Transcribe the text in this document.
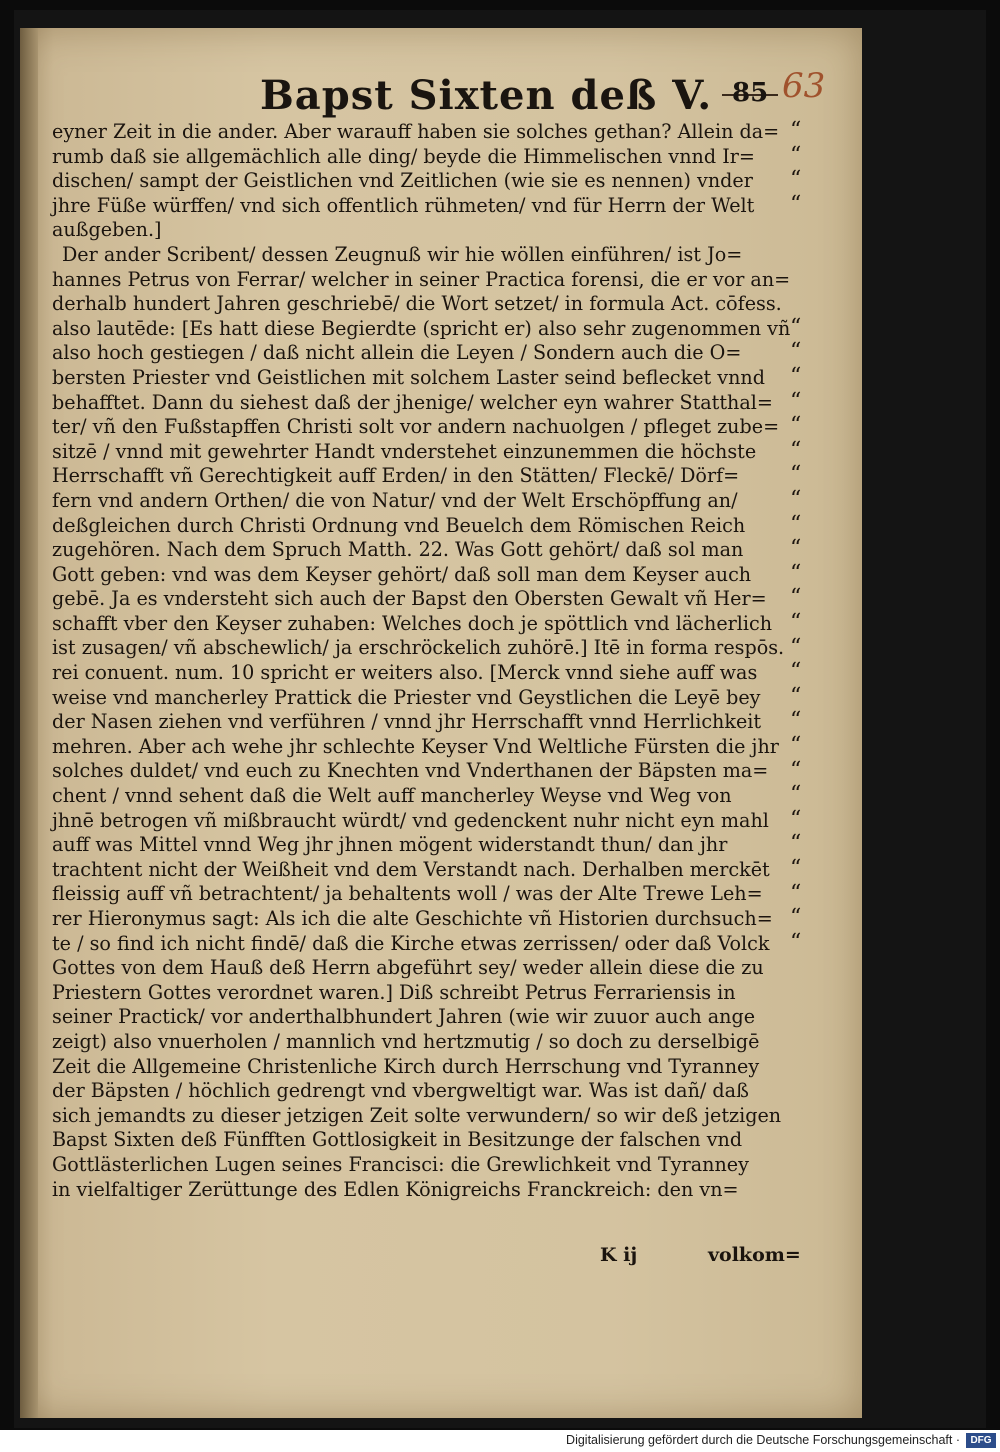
Bapst Sixten deß V. 85 63
eyner Zeit in die ander. Aber warauff haben sie solches gethan? Allein da=
rumb daß sie allgemächlich alle ding/ beyde die Himmelischen vnnd Ir=
dischen/ sampt der Geistlichen vnd Zeitlichen (wie sie es nennen) vnder
jhre Füße würffen/ vnd sich offentlich rühmeten/ vnd für Herrn der Welt
außgeben.]
Der ander Scribent/ dessen Zeugnuß wir hie wöllen einführen/ ist Jo=
hannes Petrus von Ferrar/ welcher in seiner Practica forensi, die er vor an=
derhalb hundert Jahren geschriebē/ die Wort setzet/ in formula Act. cōfess.
also lautēde: [Es hatt diese Begierdte (spricht er) also sehr zugenommen vñ
also hoch gestiegen / daß nicht allein die Leyen / Sondern auch die O=
bersten Priester vnd Geistlichen mit solchem Laster seind beflecket vnnd
behafftet. Dann du siehest daß der jhenige/ welcher eyn wahrer Statthal=
ter/ vñ den Fußstapffen Christi solt vor andern nachuolgen / pfleget zube=
sitzē / vnnd mit gewehrter Handt vnderstehet einzunemmen die höchste
Herrschafft vñ Gerechtigkeit auff Erden/ in den Stätten/ Fleckē/ Dörf=
fern vnd andern Orthen/ die von Natur/ vnd der Welt Erschöpffung an/
deßgleichen durch Christi Ordnung vnd Beuelch dem Römischen Reich
zugehören. Nach dem Spruch Matth. 22. Was Gott gehört/ daß sol man
Gott geben: vnd was dem Keyser gehört/ daß soll man dem Keyser auch
gebē. Ja es vndersteht sich auch der Bapst den Obersten Gewalt vñ Her=
schafft vber den Keyser zuhaben: Welches doch je spöttlich vnd lächerlich
ist zusagen/ vñ abschewlich/ ja erschröckelich zuhörē.] Itē in forma respōs.
rei conuent. num. 10 spricht er weiters also. [Merck vnnd siehe auff was
weise vnd mancherley Prattick die Priester vnd Geystlichen die Leyē bey
der Nasen ziehen vnd verführen / vnnd jhr Herrschafft vnnd Herrlichkeit
mehren. Aber ach wehe jhr schlechte Keyser Vnd Weltliche Fürsten die jhr
solches duldet/ vnd euch zu Knechten vnd Vnderthanen der Bäpsten ma=
chent / vnnd sehent daß die Welt auff mancherley Weyse vnd Weg von
jhnē betrogen vñ mißbraucht würdt/ vnd gedenckent nuhr nicht eyn mahl
auff was Mittel vnnd Weg jhr jhnen mögent widerstandt thun/ dan jhr
trachtent nicht der Weißheit vnd dem Verstandt nach. Derhalben merckēt
fleissig auff vñ betrachtent/ ja behaltents woll / was der Alte Trewe Leh=
rer Hieronymus sagt: Als ich die alte Geschichte vñ Historien durchsuch=
te / so find ich nicht findē/ daß die Kirche etwas zerrissen/ oder daß Volck
Gottes von dem Hauß deß Herrn abgeführt sey/ weder allein diese die zu
Priestern Gottes verordnet waren.] Diß schreibt Petrus Ferrariensis in
seiner Practick/ vor anderthalbhundert Jahren (wie wir zuuor auch ange
zeigt) also vnuerholen / mannlich vnd hertzmutig / so doch zu derselbigē
Zeit die Allgemeine Christenliche Kirch durch Herrschung vnd Tyranney
der Bäpsten / höchlich gedrengt vnd vbergweltigt war. Was ist dañ/ daß
sich jemandts zu dieser jetzigen Zeit solte verwundern/ so wir deß jetzigen
Bapst Sixten deß Fünfften Gottlosigkeit in Besitzunge der falschen vnd
Gottlästerlichen Lugen seines Francisci: die Grewlichkeit vnd Tyranney
in vielfaltiger Zerüttunge des Edlen Königreichs Franckreich: den vn=
“
“
“
“
“
“
“
“
“
“
“
“
“
“
“
“
“
“
“
“
“
“
“
“
“
“
“
“
“
“
K ij	volkom=
Digitalisierung gefördert durch die Deutsche Forschungsgemeinschaft ·	DFG
